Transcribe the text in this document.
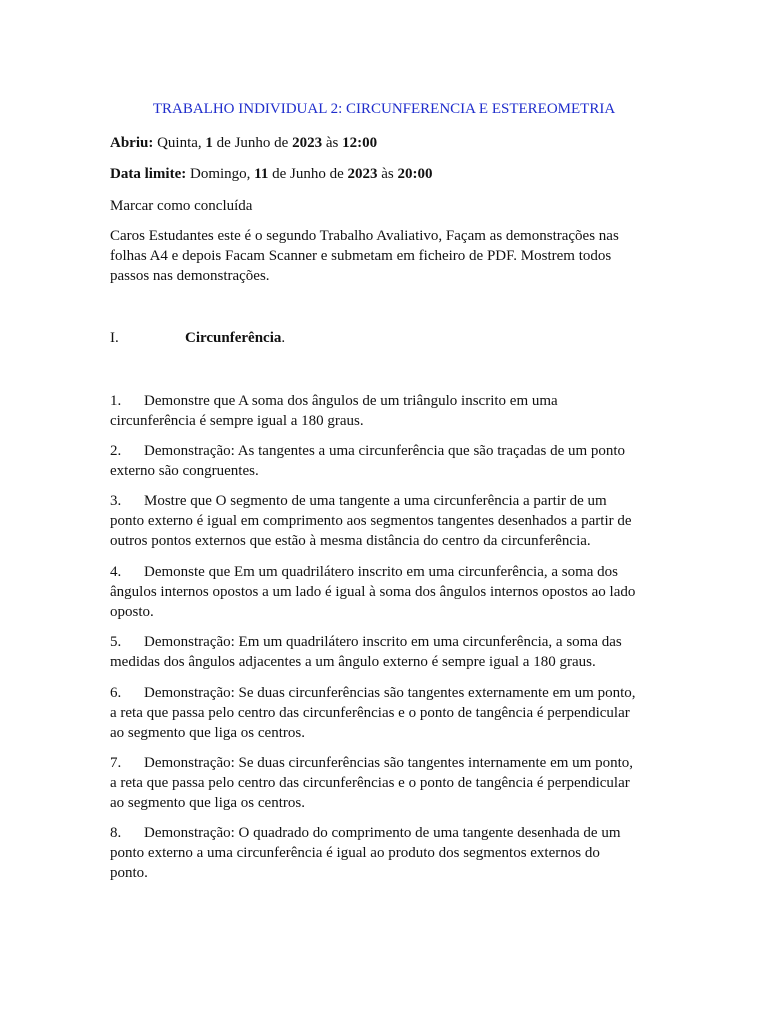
TRABALHO INDIVIDUAL 2: CIRCUNFERENCIA E ESTEREOMETRIA

Abriu: Quinta, 1 de Junho de 2023 às 12:00

Data limite: Domingo, 11 de Junho de 2023 às 20:00

Marcar como concluída

Caros Estudantes este é o segundo Trabalho Avaliativo, Façam as demonstrações nas
folhas A4 e depois Facam Scanner e submetam em ficheiro de PDF. Mostrem todos
passos nas demonstrações.

I.	Circunferência.
1. Demonstre que A soma dos ângulos de um triângulo inscrito em uma
circunferência é sempre igual a 180 graus.
2. Demonstração: As tangentes a uma circunferência que são traçadas de um ponto
externo são congruentes.
3. Mostre que O segmento de uma tangente a uma circunferência a partir de um
ponto externo é igual em comprimento aos segmentos tangentes desenhados a partir de
outros pontos externos que estão à mesma distância do centro da circunferência.
4. Demonste que Em um quadrilátero inscrito em uma circunferência, a soma dos
ângulos internos opostos a um lado é igual à soma dos ângulos internos opostos ao lado
oposto.
5. Demonstração: Em um quadrilátero inscrito em uma circunferência, a soma das
medidas dos ângulos adjacentes a um ângulo externo é sempre igual a 180 graus.
6. Demonstração: Se duas circunferências são tangentes externamente em um ponto,
a reta que passa pelo centro das circunferências e o ponto de tangência é perpendicular
ao segmento que liga os centros.
7. Demonstração: Se duas circunferências são tangentes internamente em um ponto,
a reta que passa pelo centro das circunferências e o ponto de tangência é perpendicular
ao segmento que liga os centros.
8. Demonstração: O quadrado do comprimento de uma tangente desenhada de um
ponto externo a uma circunferência é igual ao produto dos segmentos externos do
ponto.
